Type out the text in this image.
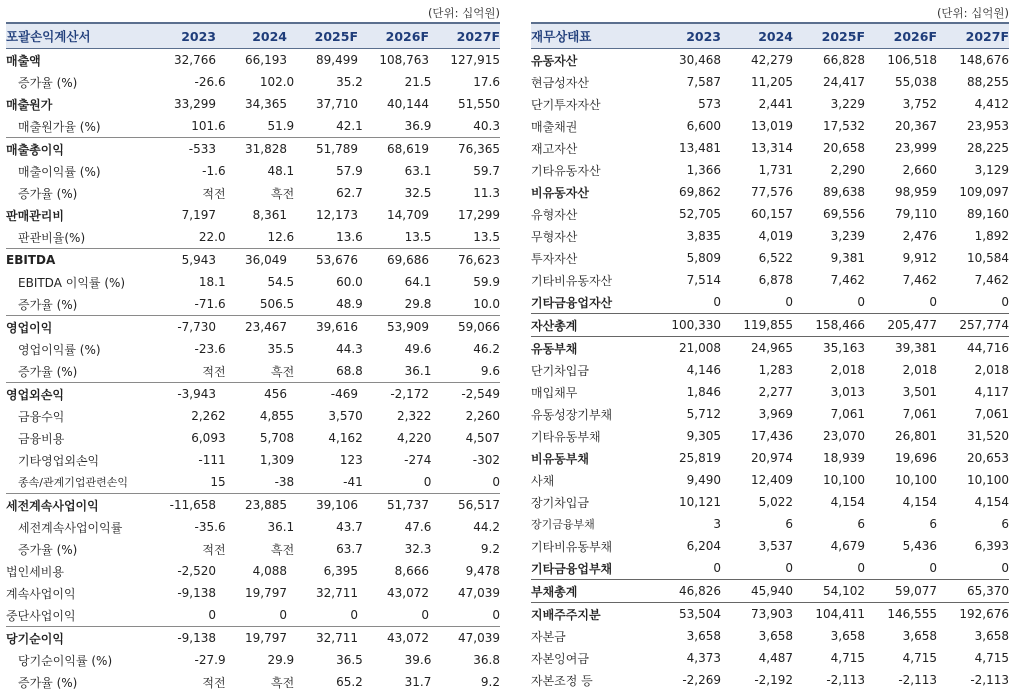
(단위: 십억원)
포괄손익계산서	2023	2024	2025F	2026F	2027F
매출액	32,766	66,193	89,499	108,763	127,915
증가율 (%)	-26.6	102.0	35.2	21.5	17.6
매출원가	33,299	34,365	37,710	40,144	51,550
매출원가율 (%)	101.6	51.9	42.1	36.9	40.3
매출총이익	-533	31,828	51,789	68,619	76,365
매출이익률 (%)	-1.6	48.1	57.9	63.1	59.7
증가율 (%)	적전	흑전	62.7	32.5	11.3
판매관리비	7,197	8,361	12,173	14,709	17,299
판관비율(%)	22.0	12.6	13.6	13.5	13.5
EBITDA	5,943	36,049	53,676	69,686	76,623
EBITDA 이익률 (%)	18.1	54.5	60.0	64.1	59.9
증가율 (%)	-71.6	506.5	48.9	29.8	10.0
영업이익	-7,730	23,467	39,616	53,909	59,066
영업이익률 (%)	-23.6	35.5	44.3	49.6	46.2
증가율 (%)	적전	흑전	68.8	36.1	9.6
영업외손익	-3,943	456	-469	-2,172	-2,549
금융수익	2,262	4,855	3,570	2,322	2,260
금융비용	6,093	5,708	4,162	4,220	4,507
기타영업외손익	-111	1,309	123	-274	-302
종속/관계기업관련손익	15	-38	-41	0	0
세전계속사업이익	-11,658	23,885	39,106	51,737	56,517
세전계속사업이익률	-35.6	36.1	43.7	47.6	44.2
증가율 (%)	적전	흑전	63.7	32.3	9.2
법인세비용	-2,520	4,088	6,395	8,666	9,478
계속사업이익	-9,138	19,797	32,711	43,072	47,039
중단사업이익	0	0	0	0	0
당기순이익	-9,138	19,797	32,711	43,072	47,039
당기순이익률 (%)	-27.9	29.9	36.5	39.6	36.8
증가율 (%)	적전	흑전	65.2	31.7	9.2
(단위: 십억원)
재무상태표	2023	2024	2025F	2026F	2027F
유동자산	30,468	42,279	66,828	106,518	148,676
현금성자산	7,587	11,205	24,417	55,038	88,255
단기투자자산	573	2,441	3,229	3,752	4,412
매출채권	6,600	13,019	17,532	20,367	23,953
재고자산	13,481	13,314	20,658	23,999	28,225
기타유동자산	1,366	1,731	2,290	2,660	3,129
비유동자산	69,862	77,576	89,638	98,959	109,097
유형자산	52,705	60,157	69,556	79,110	89,160
무형자산	3,835	4,019	3,239	2,476	1,892
투자자산	5,809	6,522	9,381	9,912	10,584
기타비유동자산	7,514	6,878	7,462	7,462	7,462
기타금융업자산	0	0	0	0	0
자산총계	100,330	119,855	158,466	205,477	257,774
유동부채	21,008	24,965	35,163	39,381	44,716
단기차입금	4,146	1,283	2,018	2,018	2,018
매입채무	1,846	2,277	3,013	3,501	4,117
유동성장기부채	5,712	3,969	7,061	7,061	7,061
기타유동부채	9,305	17,436	23,070	26,801	31,520
비유동부채	25,819	20,974	18,939	19,696	20,653
사채	9,490	12,409	10,100	10,100	10,100
장기차입금	10,121	5,022	4,154	4,154	4,154
장기금융부채	3	6	6	6	6
기타비유동부채	6,204	3,537	4,679	5,436	6,393
기타금융업부채	0	0	0	0	0
부채총계	46,826	45,940	54,102	59,077	65,370
지배주주지분	53,504	73,903	104,411	146,555	192,676
자본금	3,658	3,658	3,658	3,658	3,658
자본잉여금	4,373	4,487	4,715	4,715	4,715
자본조정 등	-2,269	-2,192	-2,113	-2,113	-2,113
